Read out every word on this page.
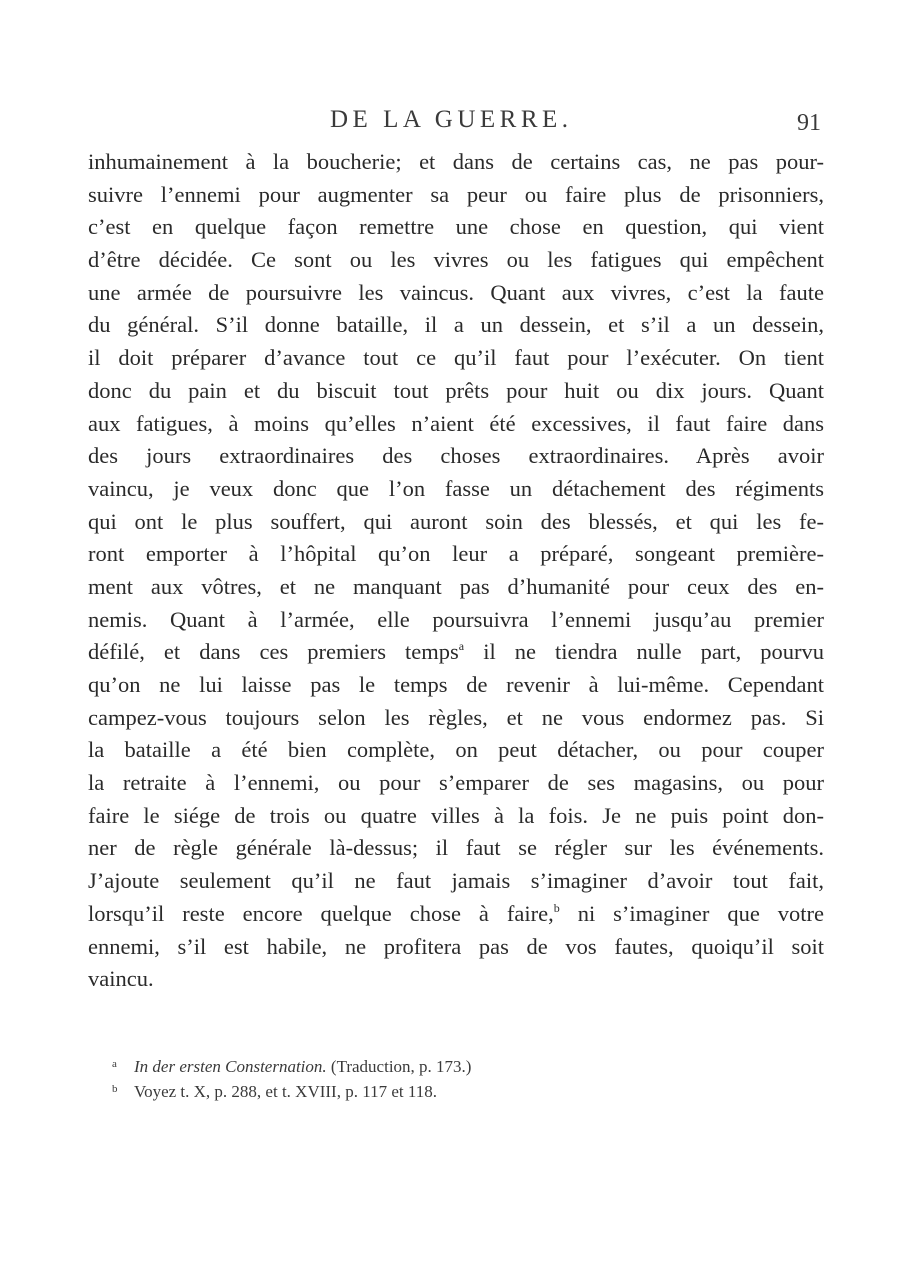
DE LA GUERRE.	91
inhumainement à la boucherie; et dans de certains cas, ne pas pour-
suivre l’ennemi pour augmenter sa peur ou faire plus de prisonniers,
c’est en quelque façon remettre une chose en question, qui vient
d’être décidée. Ce sont ou les vivres ou les fatigues qui empêchent
une armée de poursuivre les vaincus. Quant aux vivres, c’est la faute
du général. S’il donne bataille, il a un dessein, et s’il a un dessein,
il doit préparer d’avance tout ce qu’il faut pour l’exécuter. On tient
donc du pain et du biscuit tout prêts pour huit ou dix jours. Quant
aux fatigues, à moins qu’elles n’aient été excessives, il faut faire dans
des jours extraordinaires des choses extraordinaires. Après avoir
vaincu, je veux donc que l’on fasse un détachement des régiments
qui ont le plus souffert, qui auront soin des blessés, et qui les fe-
ront emporter à l’hôpital qu’on leur a préparé, songeant première-
ment aux vôtres, et ne manquant pas d’humanité pour ceux des en-
nemis. Quant à l’armée, elle poursuivra l’ennemi jusqu’au premier
défilé, et dans ces premiers temps$^a$ il ne tiendra nulle part, pourvu
qu’on ne lui laisse pas le temps de revenir à lui-même. Cependant
campez-vous toujours selon les règles, et ne vous endormez pas. Si
la bataille a été bien complète, on peut détacher, ou pour couper
la retraite à l’ennemi, ou pour s’emparer de ses magasins, ou pour
faire le siége de trois ou quatre villes à la fois. Je ne puis point don-
ner de règle générale là-dessus; il faut se régler sur les événements.
J’ajoute seulement qu’il ne faut jamais s’imaginer d’avoir tout fait,
lorsqu’il reste encore quelque chose à faire,$^b$ ni s’imaginer que votre
ennemi, s’il est habile, ne profitera pas de vos fautes, quoiqu’il soit
vaincu.
a In der ersten Consternation. (Traduction, p. 173.)
b Voyez t. X, p. 288, et t. XVIII, p. 117 et 118.
